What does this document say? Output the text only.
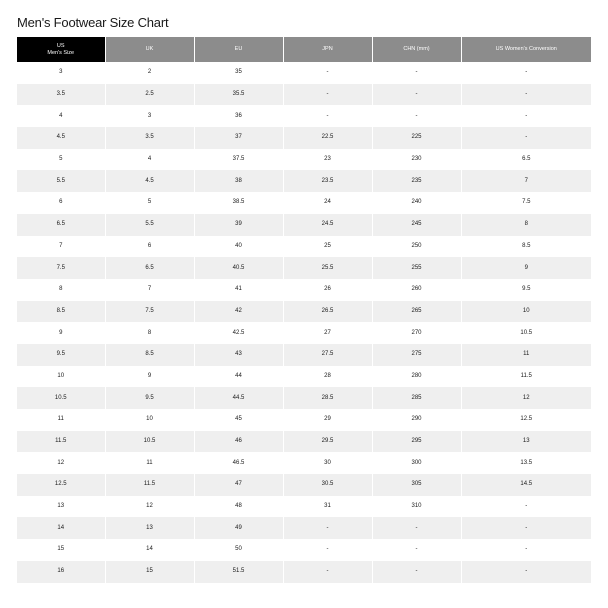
Men's Footwear Size Chart
US
Men's Size	UK	EU	JPN	CHN (mm)	US Women's Conversion

3	2	35	-	-	-
3.5	2.5	35.5	-	-	-
4	3	36	-	-	-
4.5	3.5	37	22.5	225	-
5	4	37.5	23	230	6.5
5.5	4.5	38	23.5	235	7
6	5	38.5	24	240	7.5
6.5	5.5	39	24.5	245	8
7	6	40	25	250	8.5
7.5	6.5	40.5	25.5	255	9
8	7	41	26	260	9.5
8.5	7.5	42	26.5	265	10
9	8	42.5	27	270	10.5
9.5	8.5	43	27.5	275	11
10	9	44	28	280	11.5
10.5	9.5	44.5	28.5	285	12
11	10	45	29	290	12.5
11.5	10.5	46	29.5	295	13
12	11	46.5	30	300	13.5
12.5	11.5	47	30.5	305	14.5
13	12	48	31	310	-
14	13	49	-	-	-
15	14	50	-	-	-
16	15	51.5	-	-	-
